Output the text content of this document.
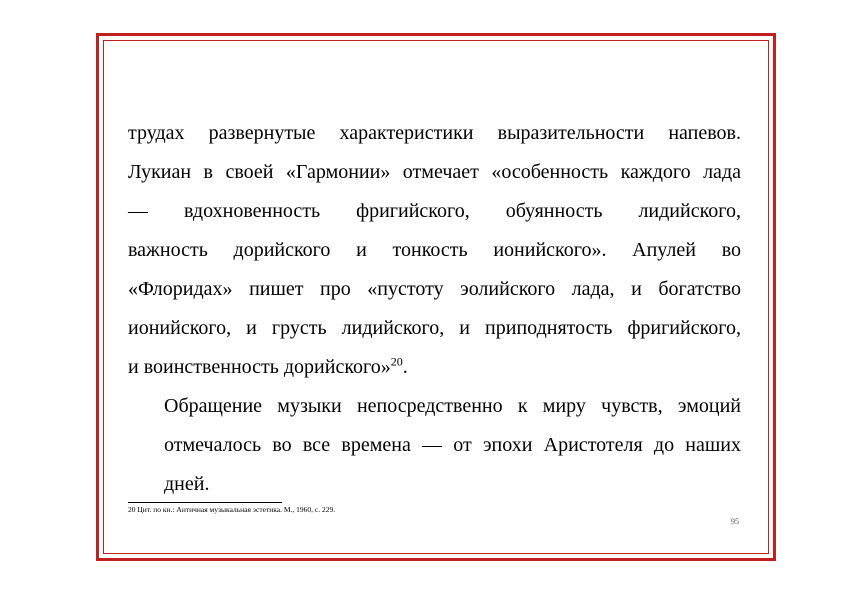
трудах развернутые характеристики выразительности напевов.
Лукиан в своей «Гармонии» отмечает «особенность каждого лада
— вдохновенность фригийского, обуянность лидийского,
важность дорийского и тонкость ионийского». Апулей во
«Флоридах» пишет про «пустоту эолийского лада, и богатство
ионийского, и грусть лидийского, и приподнятость фригийского,
и воинственность дорийского»$^{20}$.

Обращение музыки непосредственно к миру чувств, эмоций
отмечалось во все времена — от эпохи Аристотеля до наших
дней.

20 Цит. по кн.: Античная музыкальная эстетика. М., 1960, с. 229.
95
